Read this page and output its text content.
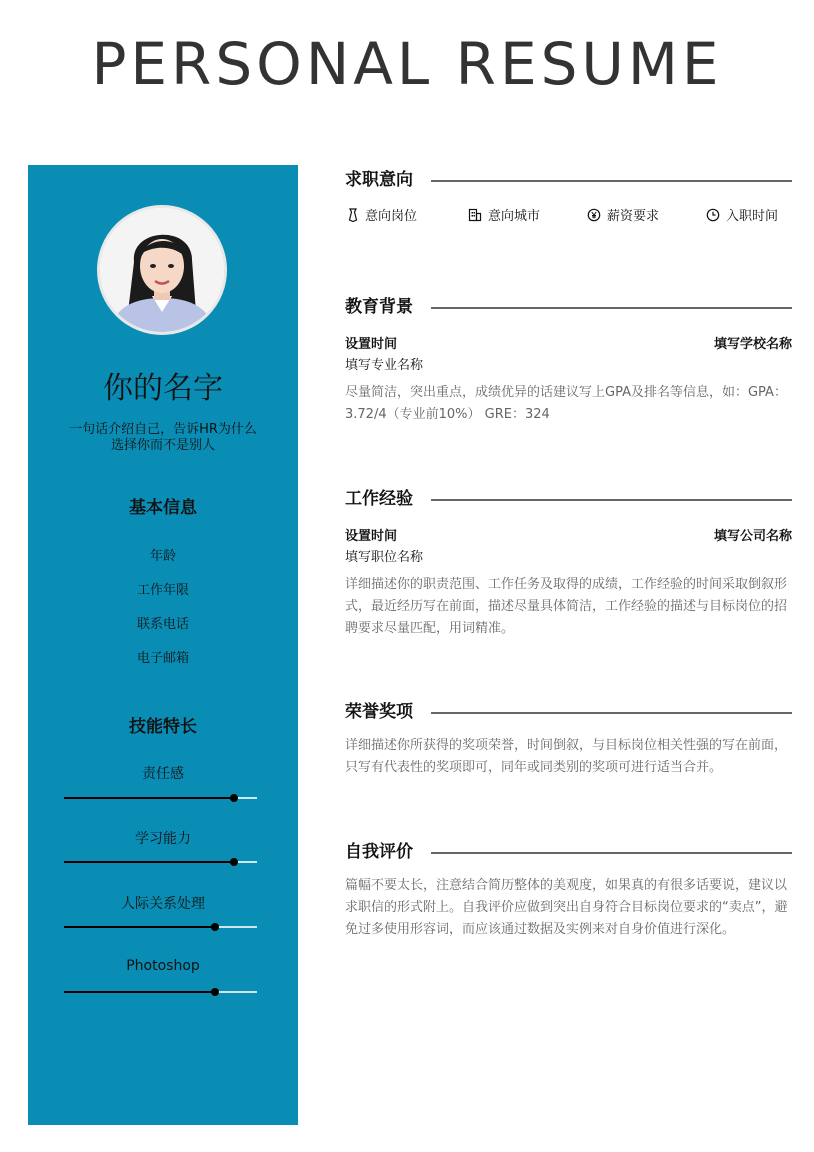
PERSONAL RESUME
你的名字
一句话介绍自己，告诉HR为什么选择你而不是别人
基本信息
年龄
工作年限
联系电话
电子邮箱
技能特长
责任感
学习能力
人际关系处理
Photoshop
求职意向
意向岗位	意向城市	薪资要求	入职时间
教育背景
设置时间	填写学校名称
填写专业名称
尽量简洁，突出重点，成绩优异的话建议写上GPA及排名等信息，如：GPA：3.72/4（专业前10%） GRE：324
工作经验
设置时间	填写公司名称
填写职位名称
详细描述你的职责范围、工作任务及取得的成绩，工作经验的时间采取倒叙形式，最近经历写在前面，描述尽量具体简洁，工作经验的描述与目标岗位的招聘要求尽量匹配，用词精准。
荣誉奖项
详细描述你所获得的奖项荣誉，时间倒叙，与目标岗位相关性强的写在前面，只写有代表性的奖项即可，同年或同类别的奖项可进行适当合并。
自我评价
篇幅不要太长，注意结合简历整体的美观度，如果真的有很多话要说，建议以求职信的形式附上。自我评价应做到突出自身符合目标岗位要求的“卖点”，避免过多使用形容词，而应该通过数据及实例来对自身价值进行深化。
